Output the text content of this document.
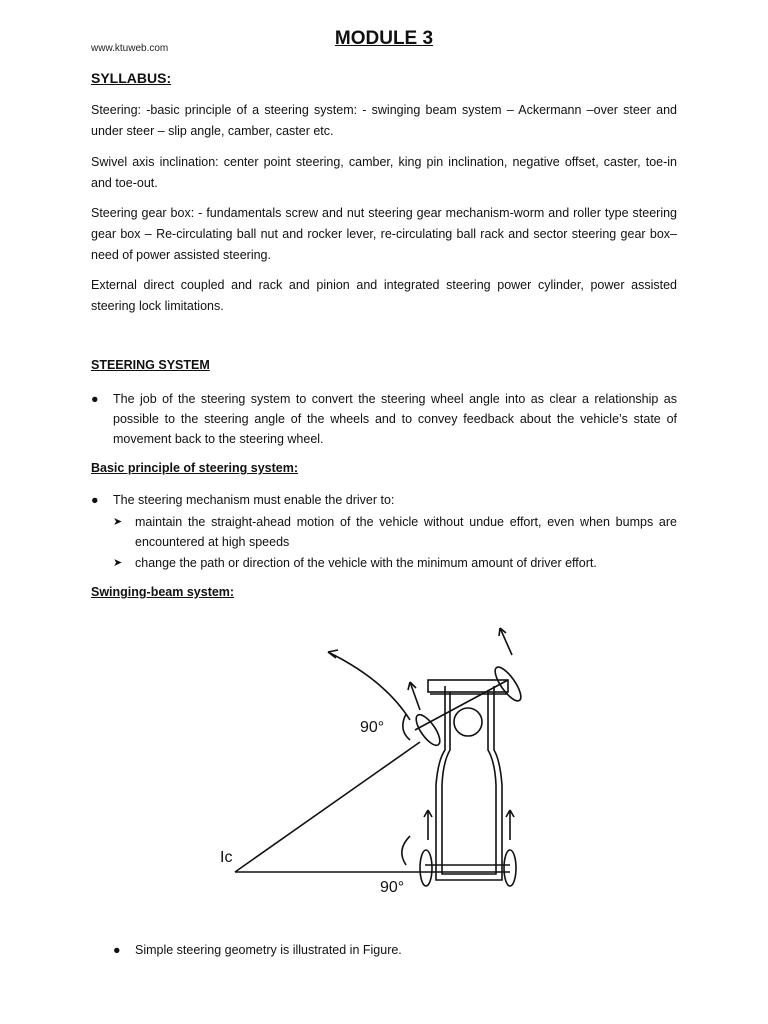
www.ktuweb.com	MODULE 3
SYLLABUS:
Steering: -basic principle of a steering system: - swinging beam system – Ackermann –over steer and under steer – slip angle, camber, caster etc.
Swivel axis inclination: center point steering, camber, king pin inclination, negative offset, caster, toe-in and toe-out.
Steering gear box: - fundamentals screw and nut steering gear mechanism-worm and roller type steering gear box – Re-circulating ball nut and rocker lever, re-circulating ball rack and sector steering gear box– need of power assisted steering.
External direct coupled and rack and pinion and integrated steering power cylinder, power assisted steering lock limitations.
STEERING SYSTEM
● The job of the steering system to convert the steering wheel angle into as clear a relationship as possible to the steering angle of the wheels and to convey feedback about the vehicle’s state of movement back to the steering wheel.
Basic principle of steering system:
● The steering mechanism must enable the driver to:
➤ maintain the straight-ahead motion of the vehicle without undue effort, even when bumps are encountered at high speeds
➤ change the path or direction of the vehicle with the minimum amount of driver effort.
Swinging-beam system:
90°
90°
Ic
● Simple steering geometry is illustrated in Figure.
